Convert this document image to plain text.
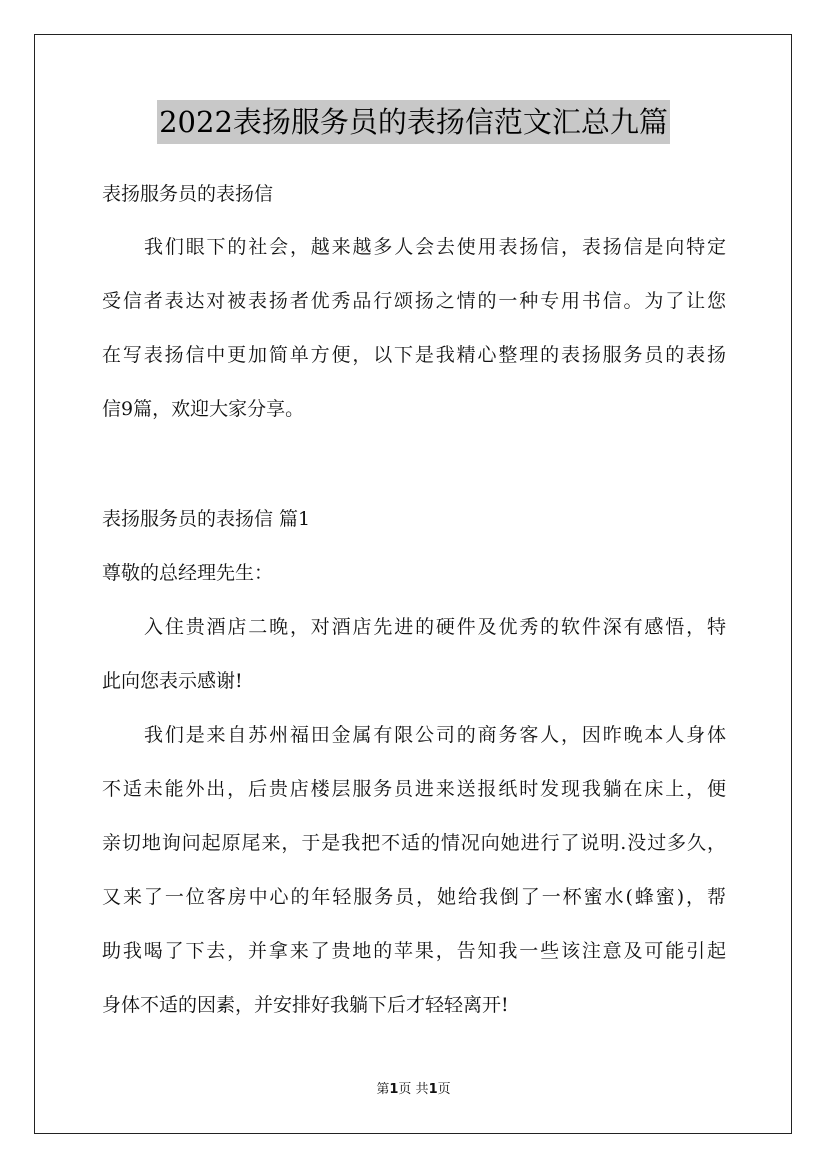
2022表扬服务员的表扬信范文汇总九篇
表扬服务员的表扬信
我们眼下的社会，越来越多人会去使用表扬信，表扬信是向特定
受信者表达对被表扬者优秀品行颂扬之情的一种专用书信。为了让您
在写表扬信中更加简单方便，以下是我精心整理的表扬服务员的表扬
信9篇，欢迎大家分享。
表扬服务员的表扬信 篇1
尊敬的总经理先生：
入住贵酒店二晚，对酒店先进的硬件及优秀的软件深有感悟，特
此向您表示感谢!
我们是来自苏州福田金属有限公司的商务客人，因昨晚本人身体
不适未能外出，后贵店楼层服务员进来送报纸时发现我躺在床上，便
亲切地询问起原尾来，于是我把不适的情况向她进行了说明.没过多久，
又来了一位客房中心的年轻服务员，她给我倒了一杯蜜水(蜂蜜)，帮
助我喝了下去，并拿来了贵地的苹果，告知我一些该注意及可能引起
身体不适的因素，并安排好我躺下后才轻轻离开!
第1页 共1页
